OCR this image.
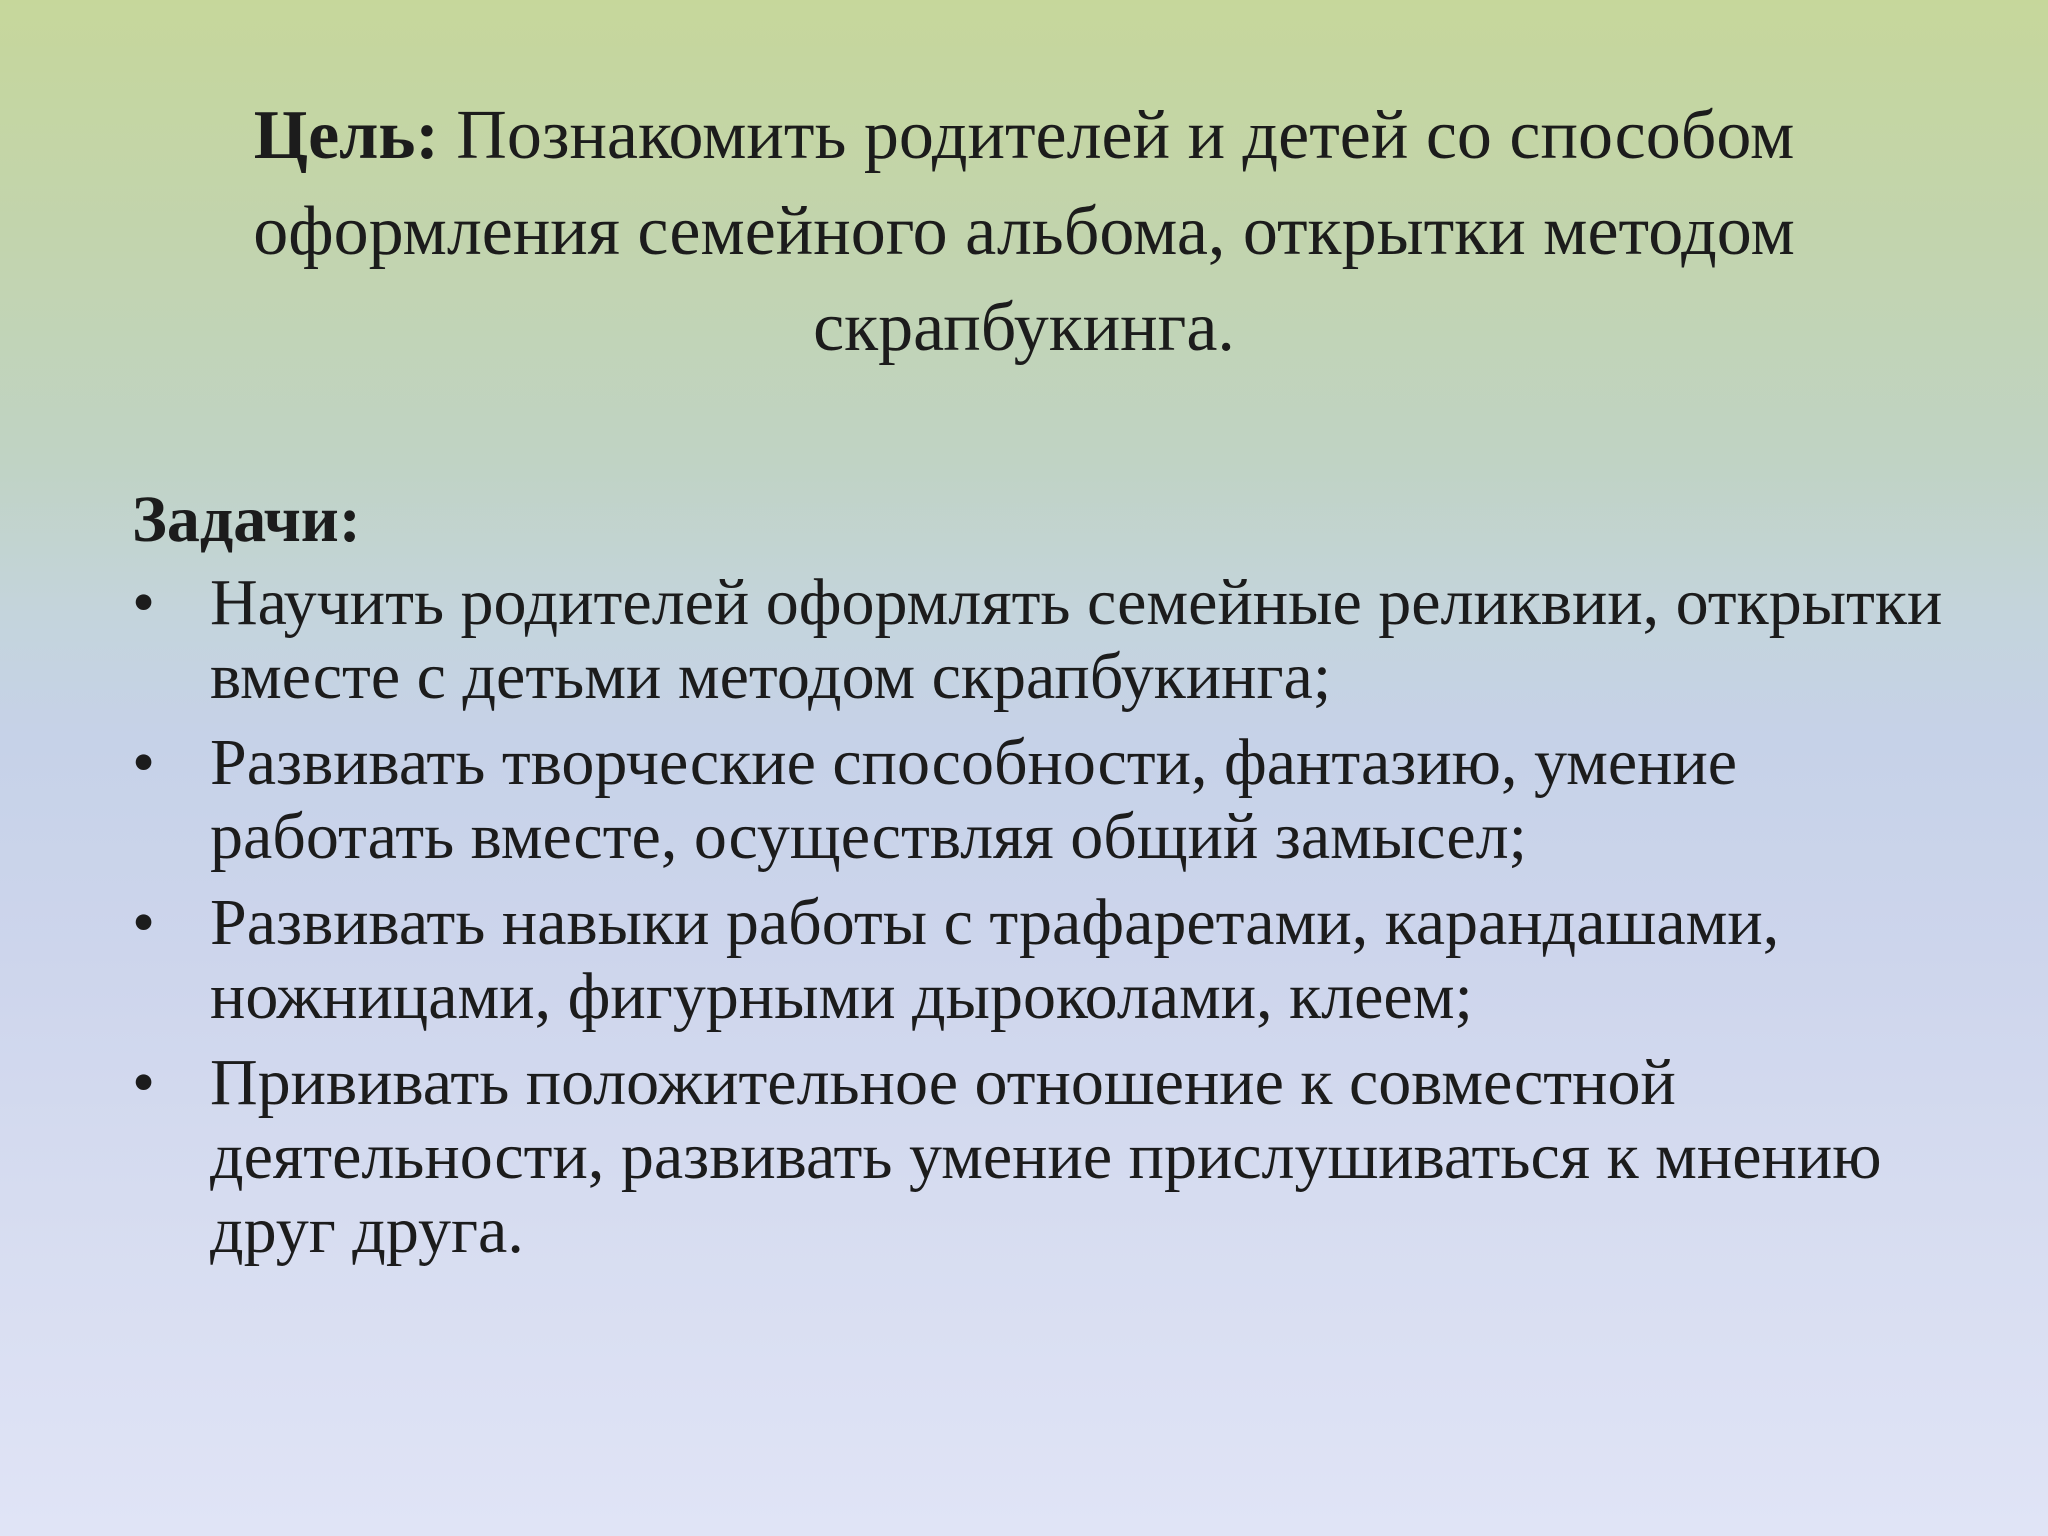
Цель: Познакомить родителей и детей со способом оформления семейного альбома, открытки методом скрапбукинга.
Задачи:
• Научить родителей оформлять семейные реликвии, открытки вместе с детьми методом скрапбукинга;
• Развивать творческие способности, фантазию, умение работать вместе, осуществляя общий замысел;
• Развивать навыки работы с трафаретами, карандашами, ножницами, фигурными дыроколами, клеем;
• Прививать положительное отношение к совместной деятельности, развивать умение прислушиваться к мнению друг друга.
